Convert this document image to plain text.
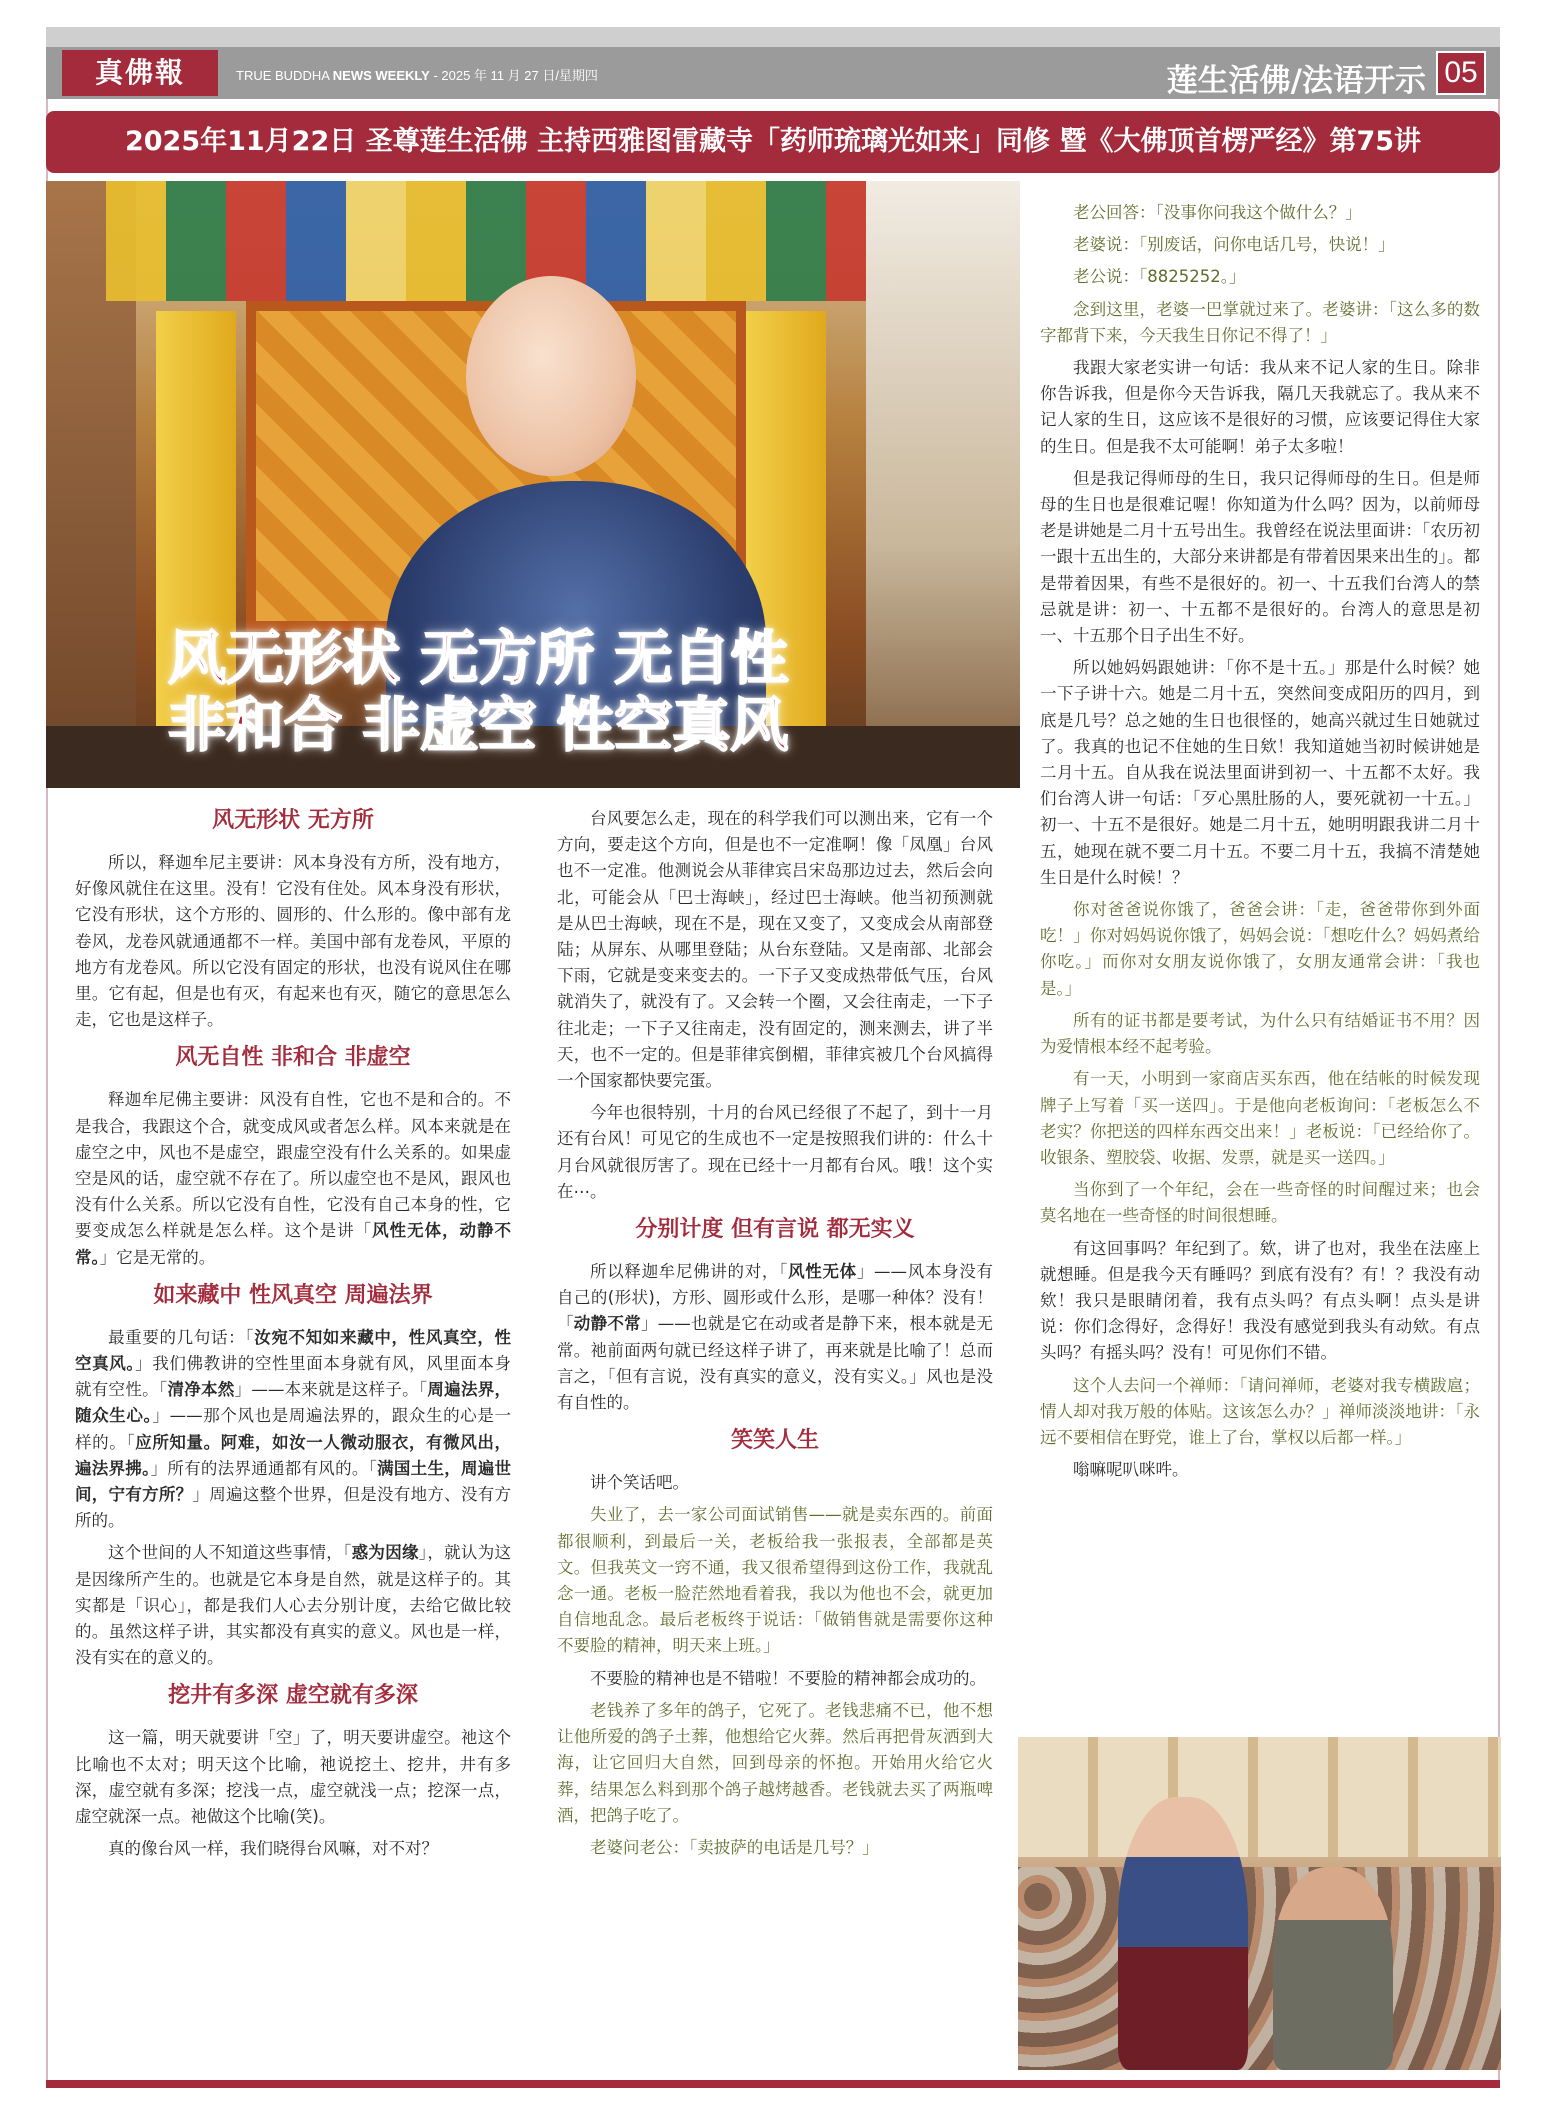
真佛報	TRUE BUDDHA NEWS WEEKLY - 2025 年 11 月 27 日/星期四	莲生活佛/法语开示 05
2025年11月22日 圣尊莲生活佛 主持西雅图雷藏寺「药师琉璃光如来」同修 暨《大佛顶首楞严经》第75讲
风无形状 无方所 无自性
非和合 非虚空 性空真风
风无形状 无方所

所以，释迦牟尼主要讲：风本身没有方所，没有地方，好像风就住在这里。没有！它没有住处。风本身没有形状，它没有形状，这个方形的、圆形的、什么形的。像中部有龙卷风，龙卷风就通通都不一样。美国中部有龙卷风，平原的地方有龙卷风。所以它没有固定的形状，也没有说风住在哪里。它有起，但是也有灭，有起来也有灭，随它的意思怎么走，它也是这样子。

风无自性 非和合 非虚空

释迦牟尼佛主要讲：风没有自性，它也不是和合的。不是我合，我跟这个合，就变成风或者怎么样。风本来就是在虚空之中，风也不是虚空，跟虚空没有什么关系的。如果虚空是风的话，虚空就不存在了。所以虚空也不是风，跟风也没有什么关系。所以它没有自性，它没有自己本身的性，它要变成怎么样就是怎么样。这个是讲「风性无体，动静不常。」它是无常的。

如来藏中 性风真空 周遍法界

最重要的几句话：「汝宛不知如来藏中，性风真空，性空真风。」我们佛教讲的空性里面本身就有风，风里面本身就有空性。「清净本然」——本来就是这样子。「周遍法界，随众生心。」——那个风也是周遍法界的，跟众生的心是一样的。「应所知量。阿难，如汝一人微动服衣，有微风出，遍法界拂。」所有的法界通通都有风的。「满国土生，周遍世间，宁有方所？」周遍这整个世界，但是没有地方、没有方所的。

这个世间的人不知道这些事情，「惑为因缘」，就认为这是因缘所产生的。也就是它本身是自然，就是这样子的。其实都是「识心」，都是我们人心去分别计度，去给它做比较的。虽然这样子讲，其实都没有真实的意义。风也是一样，没有实在的意义的。

挖井有多深 虚空就有多深

这一篇，明天就要讲「空」了，明天要讲虚空。祂这个比喻也不太对；明天这个比喻，祂说挖土、挖井，井有多深，虚空就有多深；挖浅一点，虚空就浅一点；挖深一点，虚空就深一点。祂做这个比喻(笑)。

真的像台风一样，我们晓得台风嘛，对不对？

台风要怎么走，现在的科学我们可以测出来，它有一个方向，要走这个方向，但是也不一定准啊！像「凤凰」台风也不一定准。他测说会从菲律宾吕宋岛那边过去，然后会向北，可能会从「巴士海峡」，经过巴士海峡。他当初预测就是从巴士海峡，现在不是，现在又变了，又变成会从南部登陆；从屏东、从哪里登陆；从台东登陆。又是南部、北部会下雨，它就是变来变去的。一下子又变成热带低气压，台风就消失了，就没有了。又会转一个圈，又会往南走，一下子往北走；一下子又往南走，没有固定的，测来测去，讲了半天，也不一定的。但是菲律宾倒楣，菲律宾被几个台风搞得一个国家都快要完蛋。

今年也很特别，十月的台风已经很了不起了，到十一月还有台风！可见它的生成也不一定是按照我们讲的：什么十月台风就很厉害了。现在已经十一月都有台风。哦！这个实在⋯。

分别计度 但有言说 都无实义

所以释迦牟尼佛讲的对，「风性无体」——风本身没有自己的(形状)，方形、圆形或什么形，是哪一种体？没有！「动静不常」——也就是它在动或者是静下来，根本就是无常。祂前面两句就已经这样子讲了，再来就是比喻了！总而言之，「但有言说，没有真实的意义，没有实义。」风也是没有自性的。

笑笑人生

讲个笑话吧。

失业了，去一家公司面试销售——就是卖东西的。前面都很顺利，到最后一关，老板给我一张报表，全部都是英文。但我英文一窍不通，我又很希望得到这份工作，我就乱念一通。老板一脸茫然地看着我，我以为他也不会，就更加自信地乱念。最后老板终于说话：「做销售就是需要你这种不要脸的精神，明天来上班。」

不要脸的精神也是不错啦！不要脸的精神都会成功的。

老钱养了多年的鸽子，它死了。老钱悲痛不已，他不想让他所爱的鸽子土葬，他想给它火葬。然后再把骨灰洒到大海，让它回归大自然，回到母亲的怀抱。开始用火给它火葬，结果怎么料到那个鸽子越烤越香。老钱就去买了两瓶啤酒，把鸽子吃了。

老婆问老公：「卖披萨的电话是几号？」

老公回答：「没事你问我这个做什么？」

老婆说：「别废话，问你电话几号，快说！」

老公说：「8825252。」

念到这里，老婆一巴掌就过来了。老婆讲：「这么多的数字都背下来，今天我生日你记不得了！」

我跟大家老实讲一句话：我从来不记人家的生日。除非你告诉我，但是你今天告诉我，隔几天我就忘了。我从来不记人家的生日，这应该不是很好的习惯，应该要记得住大家的生日。但是我不太可能啊！弟子太多啦！

但是我记得师母的生日，我只记得师母的生日。但是师母的生日也是很难记喔！你知道为什么吗？因为，以前师母老是讲她是二月十五号出生。我曾经在说法里面讲：「农历初一跟十五出生的，大部分来讲都是有带着因果来出生的」。都是带着因果，有些不是很好的。初一、十五我们台湾人的禁忌就是讲：初一、十五都不是很好的。台湾人的意思是初一、十五那个日子出生不好。

所以她妈妈跟她讲：「你不是十五。」那是什么时候？她一下子讲十六。她是二月十五，突然间变成阳历的四月，到底是几号？总之她的生日也很怪的，她高兴就过生日她就过了。我真的也记不住她的生日欸！我知道她当初时候讲她是二月十五。自从我在说法里面讲到初一、十五都不太好。我们台湾人讲一句话：「歹心黑肚肠的人，要死就初一十五。」初一、十五不是很好。她是二月十五，她明明跟我讲二月十五，她现在就不要二月十五。不要二月十五，我搞不清楚她生日是什么时候！？

你对爸爸说你饿了，爸爸会讲：「走，爸爸带你到外面吃！」你对妈妈说你饿了，妈妈会说：「想吃什么？妈妈煮给你吃。」而你对女朋友说你饿了，女朋友通常会讲：「我也是。」

所有的证书都是要考试，为什么只有结婚证书不用？因为爱情根本经不起考验。

有一天，小明到一家商店买东西，他在结帐的时候发现牌子上写着「买一送四」。于是他向老板询问：「老板怎么不老实？你把送的四样东西交出来！」老板说：「已经给你了。收银条、塑胶袋、收据、发票，就是买一送四。」

当你到了一个年纪，会在一些奇怪的时间醒过来；也会莫名地在一些奇怪的时间很想睡。

有这回事吗？年纪到了。欸，讲了也对，我坐在法座上就想睡。但是我今天有睡吗？到底有没有？有！？我没有动欸！我只是眼睛闭着，我有点头吗？有点头啊！点头是讲说：你们念得好，念得好！我没有感觉到我头有动欸。有点头吗？有摇头吗？没有！可见你们不错。

这个人去问一个禅师：「请问禅师，老婆对我专横跋扈；情人却对我万般的体贴。这该怎么办？」禅师淡淡地讲：「永远不要相信在野党，谁上了台，掌权以后都一样。」

嗡嘛呢叭咪吽。
